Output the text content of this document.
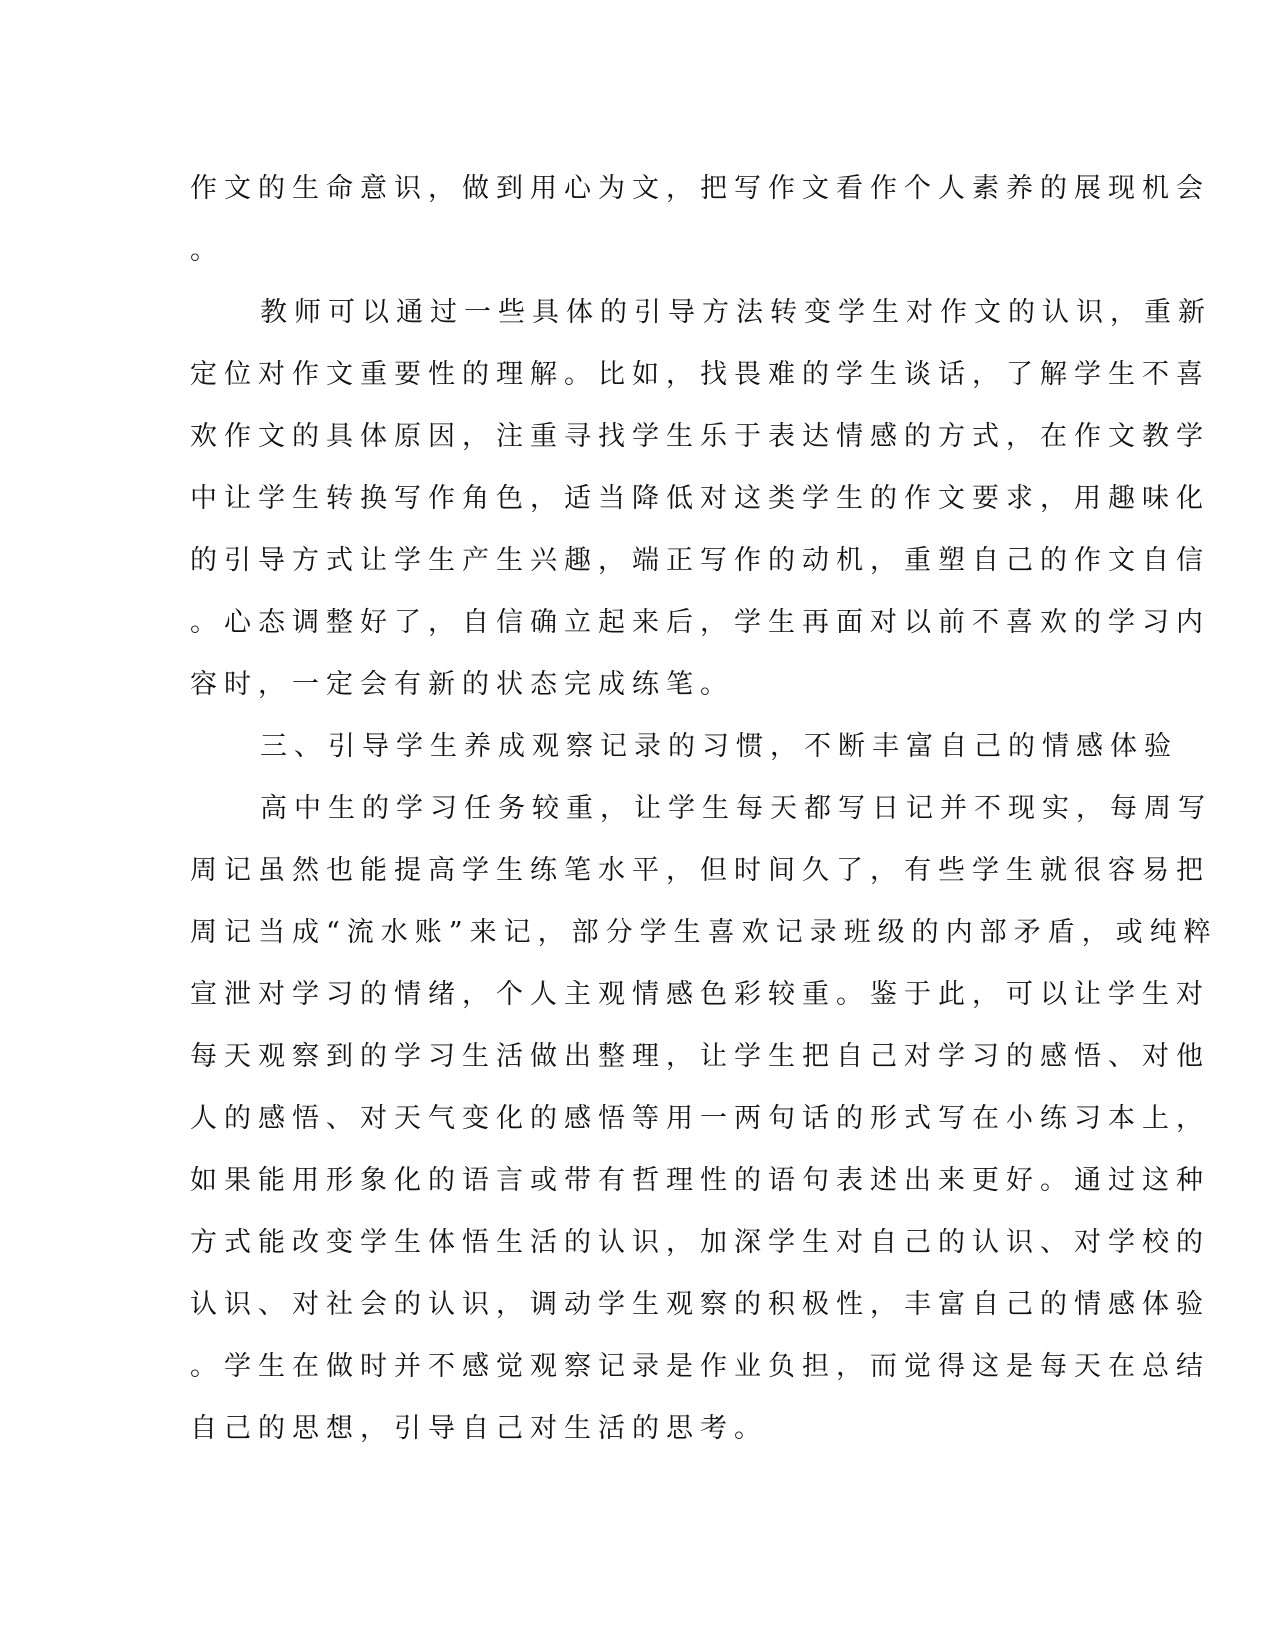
作文的生命意识，做到用心为文，把写作文看作个人素养的展现机会
。
教师可以通过一些具体的引导方法转变学生对作文的认识，重新
定位对作文重要性的理解。比如，找畏难的学生谈话，了解学生不喜
欢作文的具体原因，注重寻找学生乐于表达情感的方式，在作文教学
中让学生转换写作角色，适当降低对这类学生的作文要求，用趣味化
的引导方式让学生产生兴趣，端正写作的动机，重塑自己的作文自信
。心态调整好了，自信确立起来后，学生再面对以前不喜欢的学习内
容时，一定会有新的状态完成练笔。
三、引导学生养成观察记录的习惯，不断丰富自己的情感体验
高中生的学习任务较重，让学生每天都写日记并不现实，每周写
周记虽然也能提高学生练笔水平，但时间久了，有些学生就很容易把
周记当成“流水账”来记，部分学生喜欢记录班级的内部矛盾，或纯粹
宣泄对学习的情绪，个人主观情感色彩较重。鉴于此，可以让学生对
每天观察到的学习生活做出整理，让学生把自己对学习的感悟、对他
人的感悟、对天气变化的感悟等用一两句话的形式写在小练习本上，
如果能用形象化的语言或带有哲理性的语句表述出来更好。通过这种
方式能改变学生体悟生活的认识，加深学生对自己的认识、对学校的
认识、对社会的认识，调动学生观察的积极性，丰富自己的情感体验
。学生在做时并不感觉观察记录是作业负担，而觉得这是每天在总结
自己的思想，引导自己对生活的思考。
